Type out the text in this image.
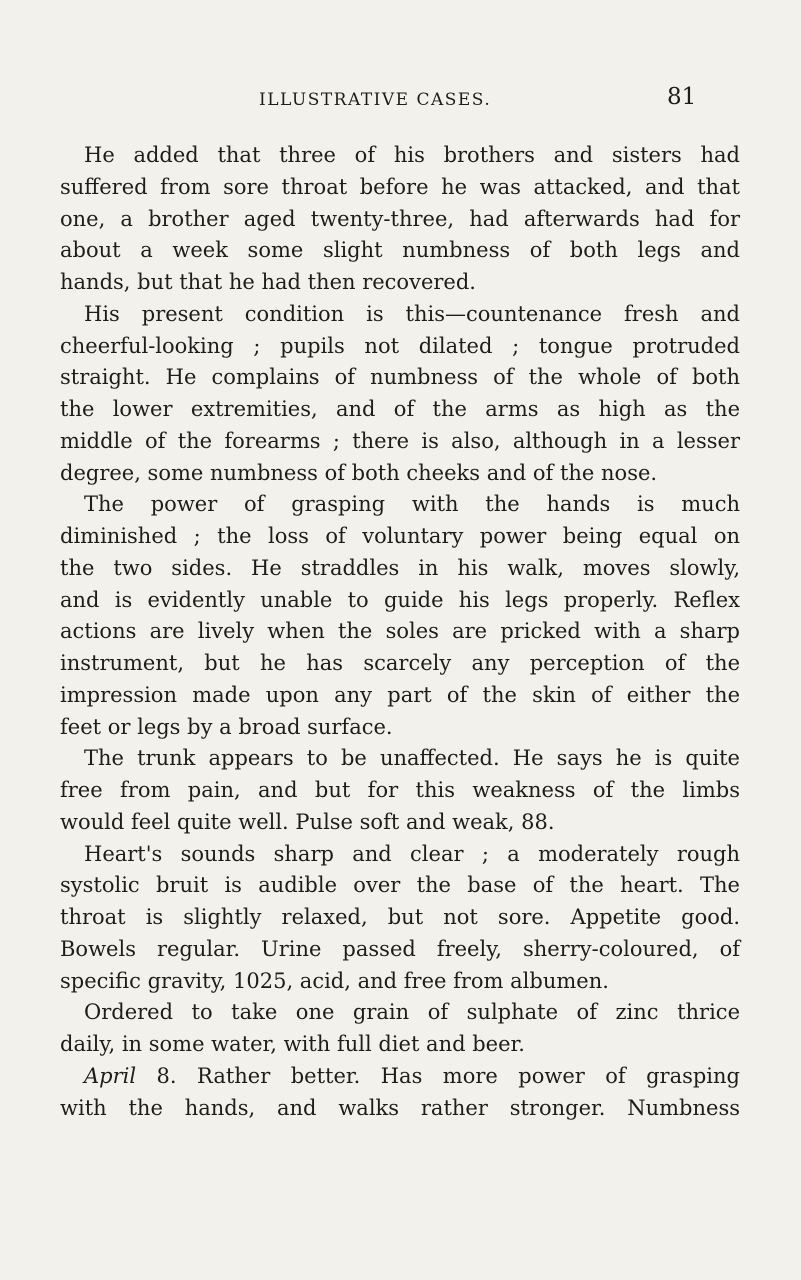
ILLUSTRATIVE CASES.	81
He added that three of his brothers and sisters had
suffered from sore throat before he was attacked, and that
one, a brother aged twenty-three, had afterwards had for
about a week some slight numbness of both legs and
hands, but that he had then recovered.
His present condition is this—countenance fresh and
cheerful-looking ; pupils not dilated ; tongue protruded
straight. He complains of numbness of the whole of both
the lower extremities, and of the arms as high as the
middle of the forearms ; there is also, although in a lesser
degree, some numbness of both cheeks and of the nose.
The power of grasping with the hands is much
diminished ; the loss of voluntary power being equal on
the two sides. He straddles in his walk, moves slowly,
and is evidently unable to guide his legs properly. Reflex
actions are lively when the soles are pricked with a sharp
instrument, but he has scarcely any perception of the
impression made upon any part of the skin of either the
feet or legs by a broad surface.
The trunk appears to be unaffected. He says he is quite
free from pain, and but for this weakness of the limbs
would feel quite well. Pulse soft and weak, 88.
Heart's sounds sharp and clear ; a moderately rough
systolic bruit is audible over the base of the heart. The
throat is slightly relaxed, but not sore. Appetite good.
Bowels regular. Urine passed freely, sherry-coloured, of
specific gravity, 1025, acid, and free from albumen.
Ordered to take one grain of sulphate of zinc thrice
daily, in some water, with full diet and beer.
April 8. Rather better. Has more power of grasping
with the hands, and walks rather stronger. Numbness
